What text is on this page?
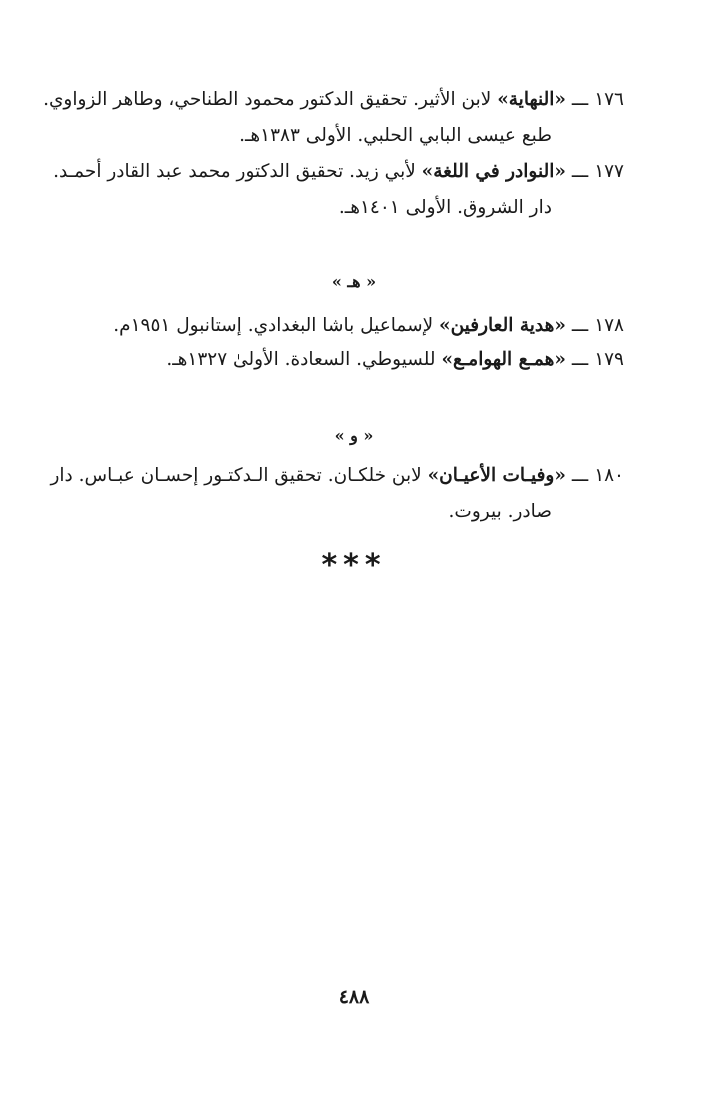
١٧٦ـــ«النهاية» لابن الأثير. تحقيق الدكتور محمود الطناحي، وطاهر الزواوي.
طبع عيسى البابي الحلبي. الأولى ١٣٨٣هـ.
١٧٧ـــ«النوادر في اللغة» لأبي زيد. تحقيق الدكتور محمد عبد القادر أحمـد.
دار الشروق. الأولى ١٤٠١هـ.
« هـ »
١٧٨ـــ«هدية العارفين» لإسماعيل باشا البغدادي. إستانبول ١٩٥١م.
١٧٩ـــ«همـع الهوامـع» للسيوطي. السعادة. الأولىٰ ١٣٢٧هـ.
« و »
١٨٠ـــ«وفيـات الأعيـان» لابن خلكـان. تحقيق الـدكتـور إحسـان عبـاس. دار
صادر. بيروت.
***
٤٨٨
